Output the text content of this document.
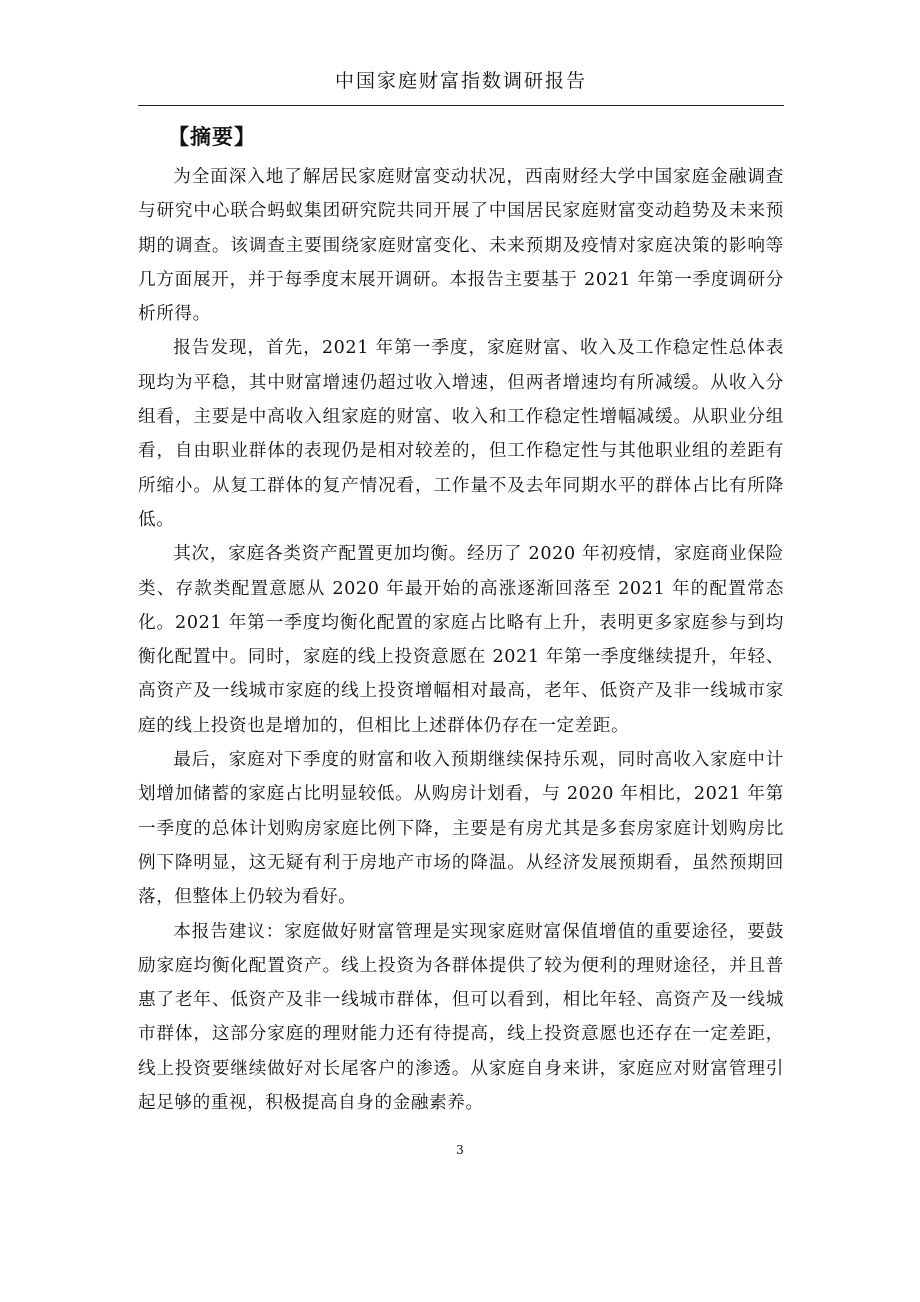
中国家庭财富指数调研报告
【摘要】

为全面深入地了解居民家庭财富变动状况，西南财经大学中国家庭金融调查与研究中心联合蚂蚁集团研究院共同开展了中国居民家庭财富变动趋势及未来预期的调查。该调查主要围绕家庭财富变化、未来预期及疫情对家庭决策的影响等几方面展开，并于每季度末展开调研。本报告主要基于 2021 年第一季度调研分析所得。

报告发现，首先，2021 年第一季度，家庭财富、收入及工作稳定性总体表现均为平稳，其中财富增速仍超过收入增速，但两者增速均有所减缓。从收入分组看，主要是中高收入组家庭的财富、收入和工作稳定性增幅减缓。从职业分组看，自由职业群体的表现仍是相对较差的，但工作稳定性与其他职业组的差距有所缩小。从复工群体的复产情况看，工作量不及去年同期水平的群体占比有所降低。

其次，家庭各类资产配置更加均衡。经历了 2020 年初疫情，家庭商业保险类、存款类配置意愿从 2020 年最开始的高涨逐渐回落至 2021 年的配置常态化。2021 年第一季度均衡化配置的家庭占比略有上升，表明更多家庭参与到均衡化配置中。同时，家庭的线上投资意愿在 2021 年第一季度继续提升，年轻、高资产及一线城市家庭的线上投资增幅相对最高，老年、低资产及非一线城市家庭的线上投资也是增加的，但相比上述群体仍存在一定差距。

最后，家庭对下季度的财富和收入预期继续保持乐观，同时高收入家庭中计划增加储蓄的家庭占比明显较低。从购房计划看，与 2020 年相比，2021 年第一季度的总体计划购房家庭比例下降，主要是有房尤其是多套房家庭计划购房比例下降明显，这无疑有利于房地产市场的降温。从经济发展预期看，虽然预期回落，但整体上仍较为看好。

本报告建议：家庭做好财富管理是实现家庭财富保值增值的重要途径，要鼓励家庭均衡化配置资产。线上投资为各群体提供了较为便利的理财途径，并且普惠了老年、低资产及非一线城市群体，但可以看到，相比年轻、高资产及一线城市群体，这部分家庭的理财能力还有待提高，线上投资意愿也还存在一定差距，线上投资要继续做好对长尾客户的渗透。从家庭自身来讲，家庭应对财富管理引起足够的重视，积极提高自身的金融素养。

3
